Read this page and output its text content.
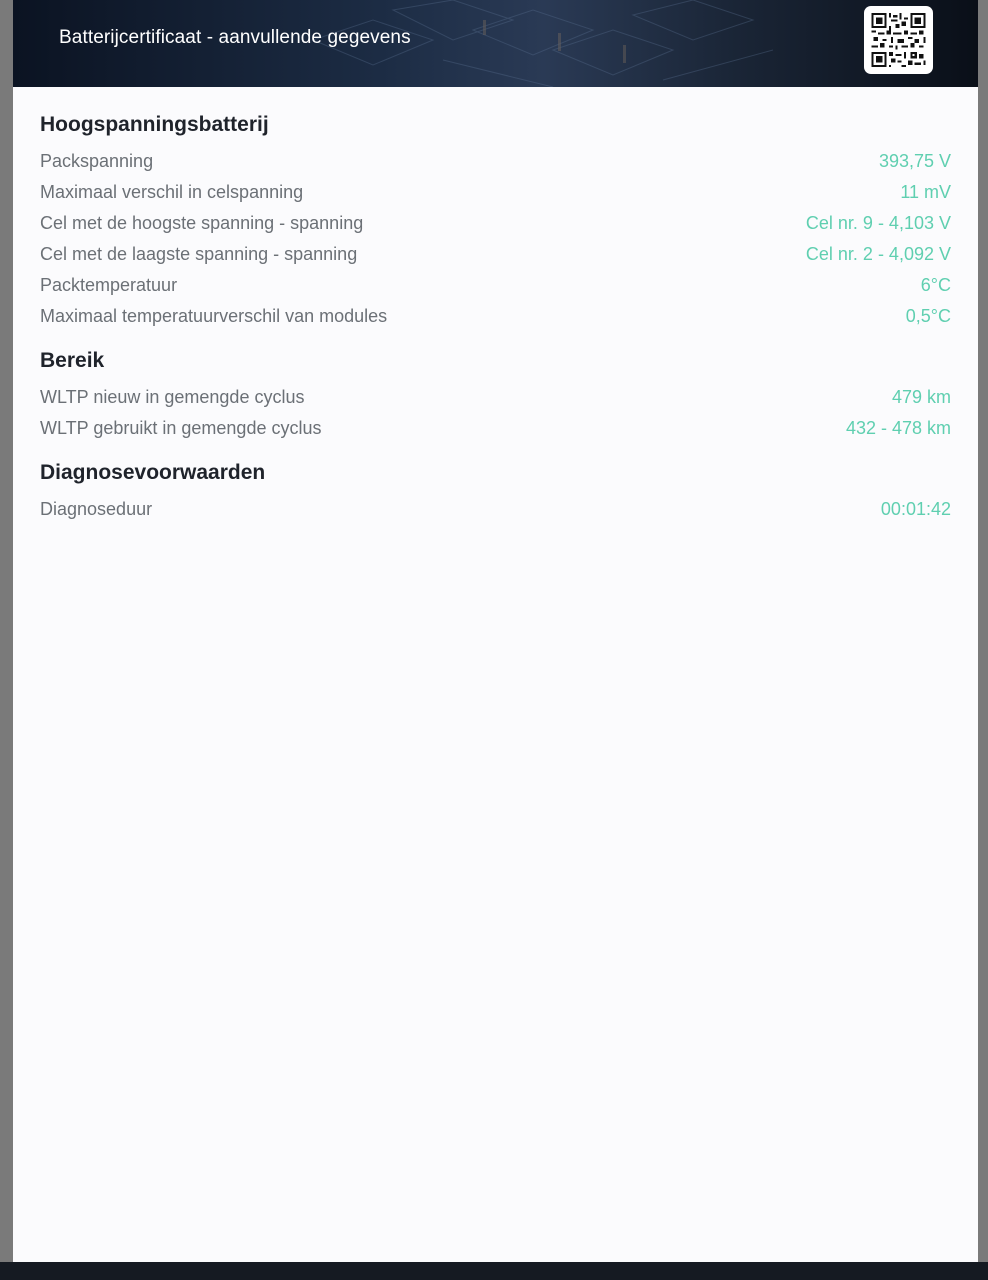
Batterijcertificaat - aanvullende gegevens
Hoogspanningsbatterij
Packspanning	393,75 V
Maximaal verschil in celspanning	11 mV
Cel met de hoogste spanning - spanning	Cel nr. 9 - 4,103 V
Cel met de laagste spanning - spanning	Cel nr. 2 - 4,092 V
Packtemperatuur	6°C
Maximaal temperatuurverschil van modules	0,5°C
Bereik
WLTP nieuw in gemengde cyclus	479 km
WLTP gebruikt in gemengde cyclus	432 - 478 km
Diagnosevoorwaarden
Diagnoseduur	00:01:42
